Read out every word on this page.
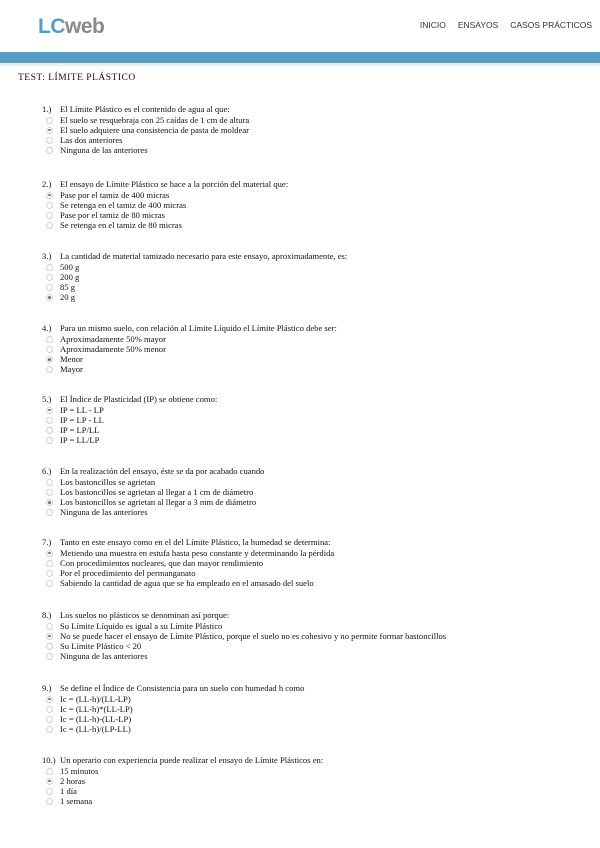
LCweb	INICIO ENSAYOS CASOS PRÁCTICOS
TEST: LÍMITE PLÁSTICO
1.) El Límite Plástico es el contenido de agua al que:
El suelo se resquebraja con 25 caídas de 1 cm de altura
El suelo adquiere una consistencia de pasta de moldear
Las dos anteriores
Ninguna de las anteriores
2.) El ensayo de Límite Plástico se hace a la porción del material que:
Pase por el tamiz de 400 micras
Se retenga en el tamiz de 400 micras
Pase por el tamiz de 80 micras
Se retenga en el tamiz de 80 micras
3.) La cantidad de material tamizado necesario para este ensayo, aproximadamente, es:
500 g
200 g
85 g
20 g
4.) Para un mismo suelo, con relación al Límite Líquido el Límite Plástico debe ser:
Aproximadamente 50% mayor
Aproximadamente 50% menor
Menor
Mayor
5.) El Índice de Plasticidad (IP) se obtiene como:
IP = LL - LP
IP = LP - LL
IP = LP/LL
IP = LL/LP
6.) En la realización del ensayo, éste se da por acabado cuando
Los bastoncillos se agrietan
Los bastoncillos se agrietan al llegar a 1 cm de diámetro
Los bastoncillos se agrietan al llegar a 3 mm de diámetro
Ninguna de las anteriores
7.) Tanto en este ensayo como en el del Límite Plástico, la humedad se determina:
Metiendo una muestra en estufa hasta peso constante y determinando la pérdida
Con procedimientos nucleares, que dan mayor rendimiento
Por el procedimiento del permanganato
Sabiendo la cantidad de agua que se ha empleado en el amasado del suelo
8.) Los suelos no plásticos se denominan así porque:
Su Límite Líquido es igual a su Límite Plástico
No se puede hacer el ensayo de Límite Plástico, porque el suelo no es cohesivo y no permite formar bastoncillos
Su Límite Plástico < 20
Ninguna de las anteriores
9.) Se define el Índice de Consistencia para un suelo con humedad h como
Ic = (LL-h)/(LL-LP)
Ic = (LL-h)*(LL-LP)
Ic = (LL-h)-(LL-LP)
Ic = (LL-h)/(LP-LL)
10.) Un operario con experiencia puede realizar el ensayo de Límite Plásticos en:
15 minutos
2 horas
1 día
1 semana
